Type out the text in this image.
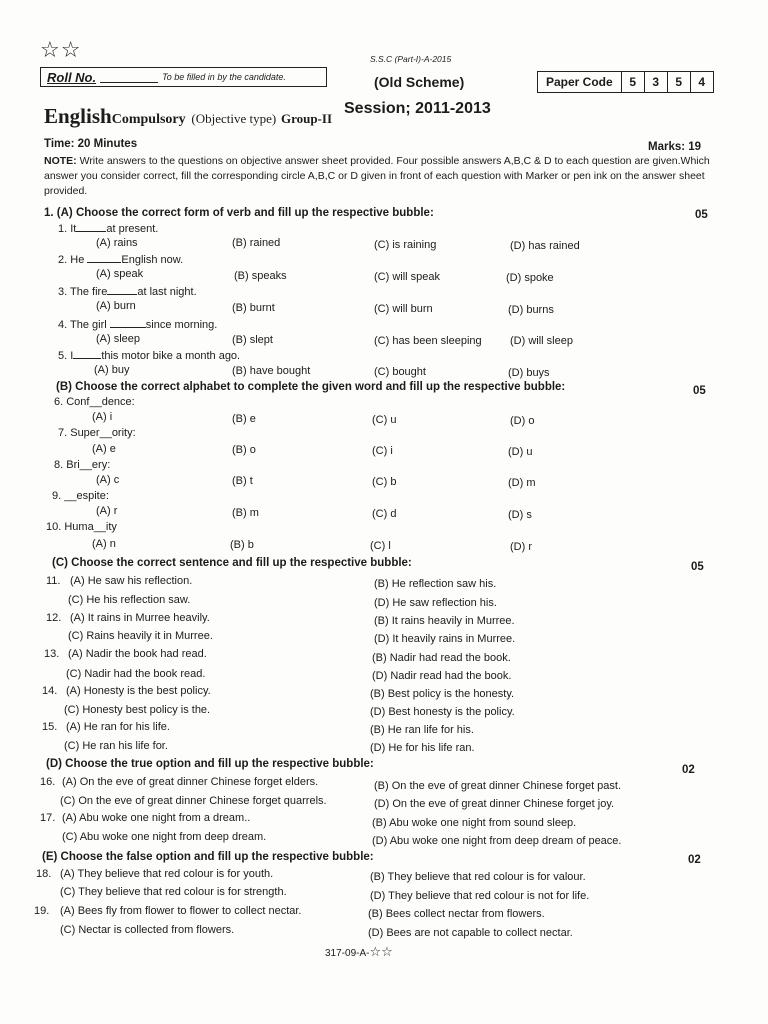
☆☆
Roll No.	To be filled in by the candidate.
S.S.C (Part-I)-A-2015
(Old Scheme)	Paper Code	5	3	5	4
Session; 2011-2013
EnglishCompulsory (Objective type) Group-II
Time: 20 Minutes	Marks: 19
NOTE: Write answers to the questions on objective answer sheet provided. Four possible answers A,B,C & D to each question are given.Which answer you consider correct, fill the corresponding circle A,B,C or D given in front of each question with Marker or pen ink on the answer sheet provided.
1. (A) Choose the correct form of verb and fill up the respective bubble:	05
1. It	at present.
(A) rains	(B) rained	(C) is raining	(D) has rained
2. He	English now.
(A) speak	(B) speaks	(C) will speak	(D) spoke
3. The fire	at last night.
(A) burn	(B) burnt	(C) will burn	(D) burns
4. The girl	since morning.
(A) sleep	(B) slept	(C) has been sleeping	(D) will sleep
5. I	this motor bike a month ago.
(A) buy	(B) have bought	(C) bought	(D) buys
(B) Choose the correct alphabet to complete the given word and fill up the respective bubble:	05
6. Conf__dence:
(A) i	(B) e	(C) u	(D) o
7. Super__ority:
(A) e	(B) o	(C) i	(D) u
8. Bri__ery:
(A) c	(B) t	(C) b	(D) m
9. __espite:
(A) r	(B) m	(C) d	(D) s
10. Huma__ity
(A) n	(B) b	(C) l	(D) r
(C) Choose the correct sentence and fill up the respective bubble:	05
11. (A) He saw his reflection.	(B) He reflection saw his.
(C) He his reflection saw.	(D) He saw reflection his.
12. (A) It rains in Murree heavily.	(B) It rains heavily in Murree.
(C) Rains heavily it in Murree.	(D) It heavily rains in Murree.
13. (A) Nadir the book had read.	(B) Nadir had read the book.
(C) Nadir had the book read.	(D) Nadir read had the book.
14. (A) Honesty is the best policy.	(B) Best policy is the honesty.
(C) Honesty best policy is the.	(D) Best honesty is the policy.
15. (A) He ran for his life.	(B) He ran life for his.
(C) He ran his life for.	(D) He for his life ran.
(D) Choose the true option and fill up the respective bubble:	02
16. (A) On the eve of great dinner Chinese forget elders.	(B) On the eve of great dinner Chinese forget past.
(C) On the eve of great dinner Chinese forget quarrels.	(D) On the eve of great dinner Chinese forget joy.
17. (A) Abu woke one night from a dream..	(B) Abu woke one night from sound sleep.
(C) Abu woke one night from deep dream.	(D) Abu woke one night from deep dream of peace.
(E) Choose the false option and fill up the respective bubble:	02
18. (A) They believe that red colour is for youth.	(B) They believe that red colour is for valour.
(C) They believe that red colour is for strength.	(D) They believe that red colour is not for life.
19. (A) Bees fly from flower to flower to collect nectar.	(B) Bees collect nectar from flowers.
(C) Nectar is collected from flowers.	(D) Bees are not capable to collect nectar.
317-09-A-☆☆
